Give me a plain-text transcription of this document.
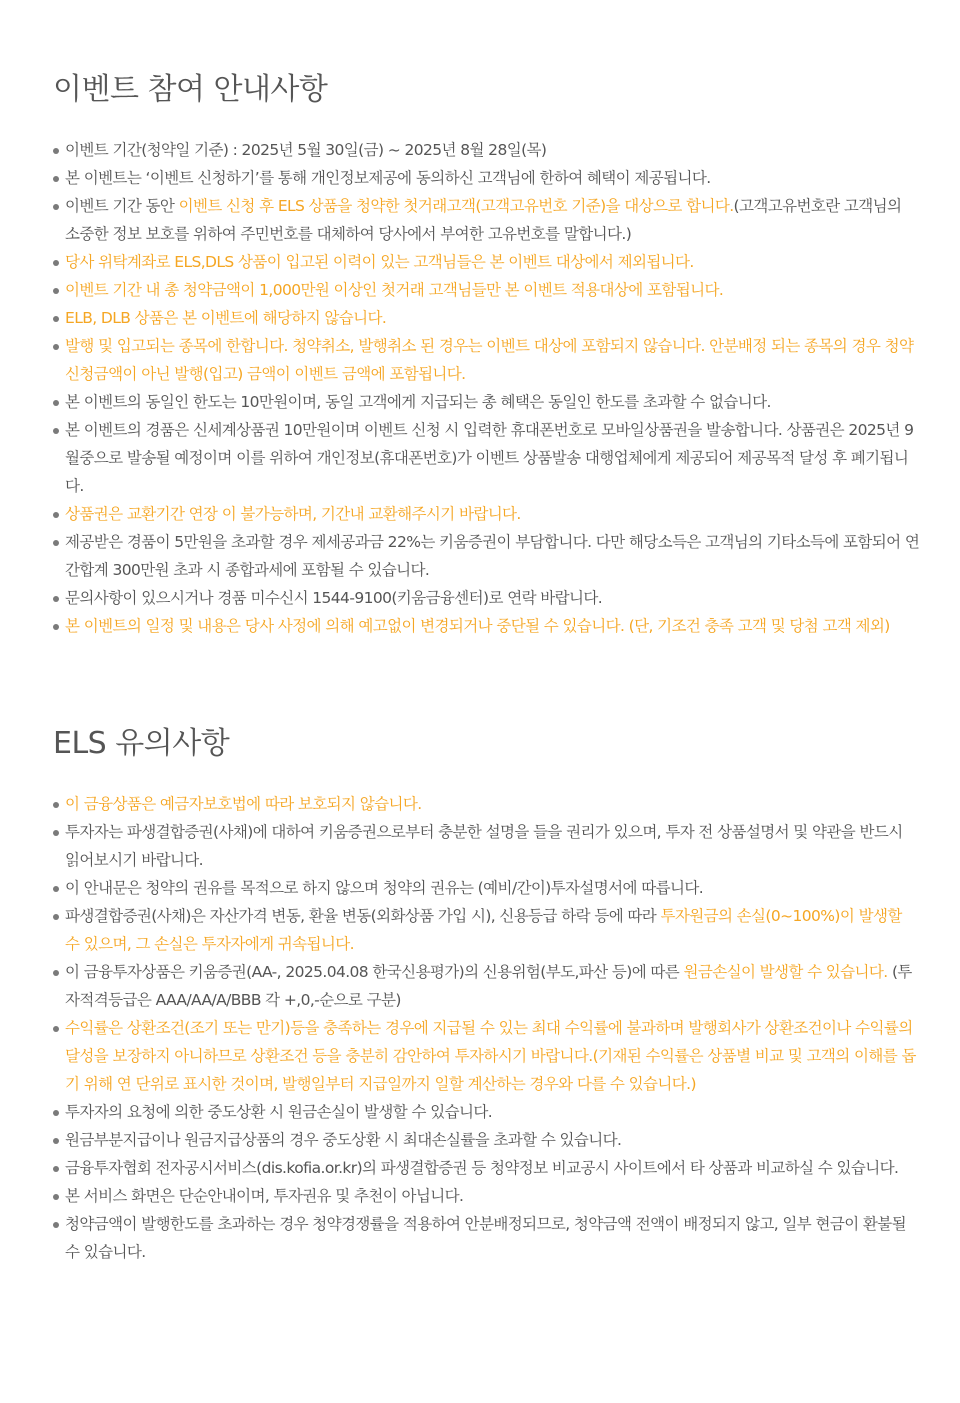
이벤트 참여 안내사항
이벤트 기간(청약일 기준) : 2025년 5월 30일(금) ~ 2025년 8월 28일(목)
본 이벤트는 ‘이벤트 신청하기’를 통해 개인정보제공에 동의하신 고객님에 한하여 혜택이 제공됩니다.
이벤트 기간 동안 이벤트 신청 후 ELS 상품을 청약한 첫거래고객(고객고유번호 기준)을 대상으로 합니다.(고객고유번호란 고객님의 소중한 정보 보호를 위하여 주민번호를 대체하여 당사에서 부여한 고유번호를 말합니다.)
당사 위탁계좌로 ELS,DLS 상품이 입고된 이력이 있는 고객님들은 본 이벤트 대상에서 제외됩니다.
이벤트 기간 내 총 청약금액이 1,000만원 이상인 첫거래 고객님들만 본 이벤트 적용대상에 포함됩니다.
ELB, DLB 상품은 본 이벤트에 해당하지 않습니다.
발행 및 입고되는 종목에 한합니다. 청약취소, 발행취소 된 경우는 이벤트 대상에 포함되지 않습니다. 안분배정 되는 종목의 경우 청약신청금액이 아닌 발행(입고) 금액이 이벤트 금액에 포함됩니다.
본 이벤트의 동일인 한도는 10만원이며, 동일 고객에게 지급되는 총 혜택은 동일인 한도를 초과할 수 없습니다.
본 이벤트의 경품은 신세계상품권 10만원이며 이벤트 신청 시 입력한 휴대폰번호로 모바일상품권을 발송합니다. 상품권은 2025년 9월중으로 발송될 예정이며 이를 위하여 개인정보(휴대폰번호)가 이벤트 상품발송 대행업체에게 제공되어 제공목적 달성 후 폐기됩니다.
상품권은 교환기간 연장 이 불가능하며, 기간내 교환해주시기 바랍니다.
제공받은 경품이 5만원을 초과할 경우 제세공과금 22%는 키움증권이 부담합니다. 다만 해당소득은 고객님의 기타소득에 포함되어 연간합계 300만원 초과 시 종합과세에 포함될 수 있습니다.
문의사항이 있으시거나 경품 미수신시 1544-9100(키움금융센터)로 연락 바랍니다.
본 이벤트의 일정 및 내용은 당사 사정에 의해 예고없이 변경되거나 중단될 수 있습니다. (단, 기조건 충족 고객 및 당첨 고객 제외)
ELS 유의사항
이 금융상품은 예금자보호법에 따라 보호되지 않습니다.
투자자는 파생결합증권(사채)에 대하여 키움증권으로부터 충분한 설명을 들을 권리가 있으며, 투자 전 상품설명서 및 약관을 반드시 읽어보시기 바랍니다.
이 안내문은 청약의 권유를 목적으로 하지 않으며 청약의 권유는 (예비/간이)투자설명서에 따릅니다.
파생결합증권(사채)은 자산가격 변동, 환율 변동(외화상품 가입 시), 신용등급 하락 등에 따라 투자원금의 손실(0~100%)이 발생할 수 있으며, 그 손실은 투자자에게 귀속됩니다.
이 금융투자상품은 키움증권(AA-, 2025.04.08 한국신용평가)의 신용위험(부도,파산 등)에 따른 원금손실이 발생할 수 있습니다. (투자적격등급은 AAA/AA/A/BBB 각 +,0,-순으로 구분)
수익률은 상환조건(조기 또는 만기)등을 충족하는 경우에 지급될 수 있는 최대 수익률에 불과하며 발행회사가 상환조건이나 수익률의 달성을 보장하지 아니하므로 상환조건 등을 충분히 감안하여 투자하시기 바랍니다.(기재된 수익률은 상품별 비교 및 고객의 이해를 돕기 위해 연 단위로 표시한 것이며, 발행일부터 지급일까지 일할 계산하는 경우와 다를 수 있습니다.)
투자자의 요청에 의한 중도상환 시 원금손실이 발생할 수 있습니다.
원금부분지급이나 원금지급상품의 경우 중도상환 시 최대손실률을 초과할 수 있습니다.
금융투자협회 전자공시서비스(dis.kofia.or.kr)의 파생결합증권 등 청약정보 비교공시 사이트에서 타 상품과 비교하실 수 있습니다.
본 서비스 화면은 단순안내이며, 투자권유 및 추천이 아닙니다.
청약금액이 발행한도를 초과하는 경우 청약경쟁률을 적용하여 안분배정되므로, 청약금액 전액이 배정되지 않고, 일부 현금이 환불될 수 있습니다.
